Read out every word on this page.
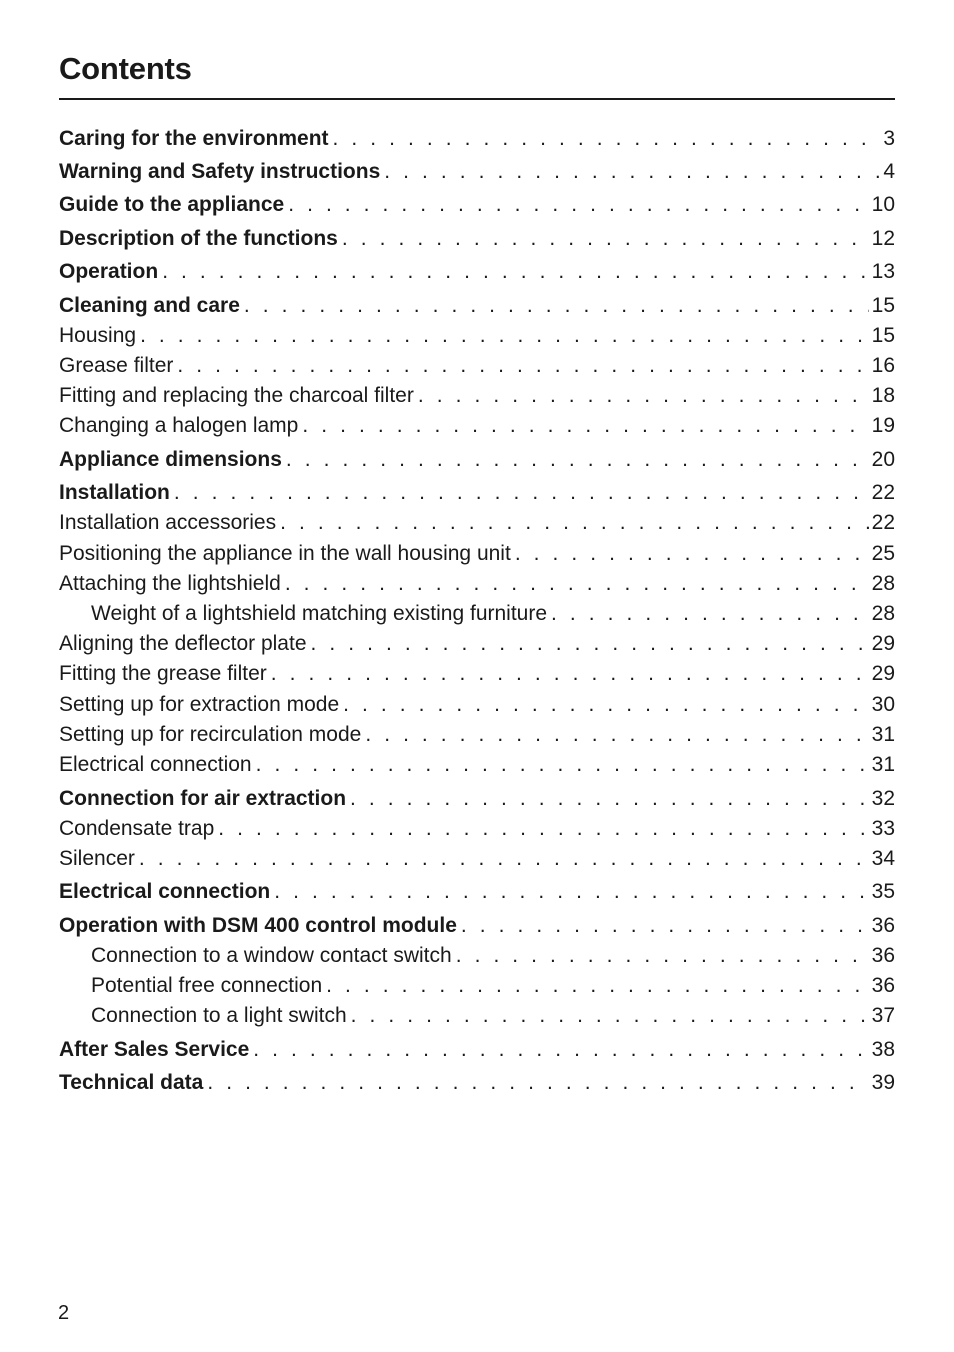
Contents
Caring for the environment . . .	3
Warning and Safety instructions . . .	4
Guide to the appliance . . .	10
Description of the functions . . .	12
Operation . . .	13
Cleaning and care . . .	15
Housing . . .	15
Grease filter . . .	16
Fitting and replacing the charcoal filter . . .	18
Changing a halogen lamp . . .	19
Appliance dimensions . . .	20
Installation . . .	22
Installation accessories . . .	22
Positioning the appliance in the wall housing unit . . .	25
Attaching the lightshield . . .	28
Weight of a lightshield matching existing furniture . . .	28
Aligning the deflector plate . . .	29
Fitting the grease filter . . .	29
Setting up for extraction mode . . .	30
Setting up for recirculation mode . . .	31
Electrical connection . . .	31
Connection for air extraction . . .	32
Condensate trap . . .	33
Silencer . . .	34
Electrical connection . . .	35
Operation with DSM 400 control module . . .	36
Connection to a window contact switch . . .	36
Potential free connection . . .	36
Connection to a light switch . . .	37
After Sales Service . . .	38
Technical data . . .	39
2
